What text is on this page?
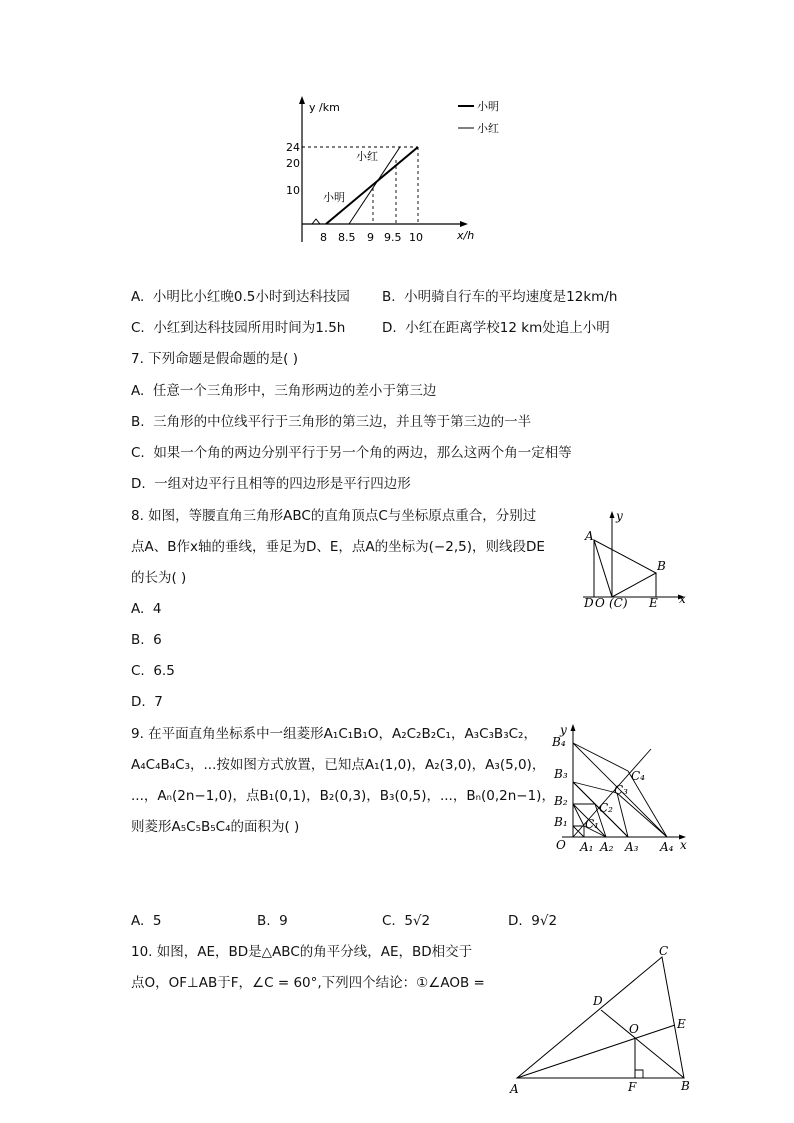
y /km
x/h
24
20
10
小红
小明
8 8.5 9 9.5 10
小明
小红
A. 小明比小红晚0.5小时到达科技园 B. 小明骑自行车的平均速度是12km/h
C. 小红到达科技园所用时间为1.5h	D. 小红在距离学校12 km处追上小明
7. 下列命题是假命题的是( )
A. 任意一个三角形中，三角形两边的差小于第三边
B. 三角形的中位线平行于三角形的第三边，并且等于第三边的一半
C. 如果一个角的两边分别平行于另一个角的两边，那么这两个角一定相等
D. 一组对边平行且相等的四边形是平行四边形
8. 如图，等腰直角三角形ABC的直角顶点C与坐标原点重合，分别过
点A、B作x轴的垂线，垂足为D、E，点A的坐标为(−2,5)，则线段DE
的长为( )
A. 4
B. 6
C. 6.5
D. 7
y
x
A
B
D O (C) E
9. 在平面直角坐标系中一组菱形A₁C₁B₁O，A₂C₂B₂C₁，A₃C₃B₃C₂，
A₄C₄B₄C₃，...按如图方式放置，已知点A₁(1,0)，A₂(3,0)，A₃(5,0)，
...，Aₙ(2n−1,0)，点B₁(0,1)，B₂(0,3)，B₃(0,5)，...，Bₙ(0,2n−1)，
则菱形A₅C₅B₅C₄的面积为( )
y
x
B₄
B₃
B₂
B₁
O A₁ A₂ A₃ A₄
C₁
C₂
C₃
C₄
A. 5	B. 9	C. 5√2	D. 9√2
10. 如图，AE，BD是△ABC的角平分线，AE，BD相交于
点O，OF⊥AB于F，∠C = 60°,下列四个结论：①∠AOB =
A	B
C
D
E
O
F
